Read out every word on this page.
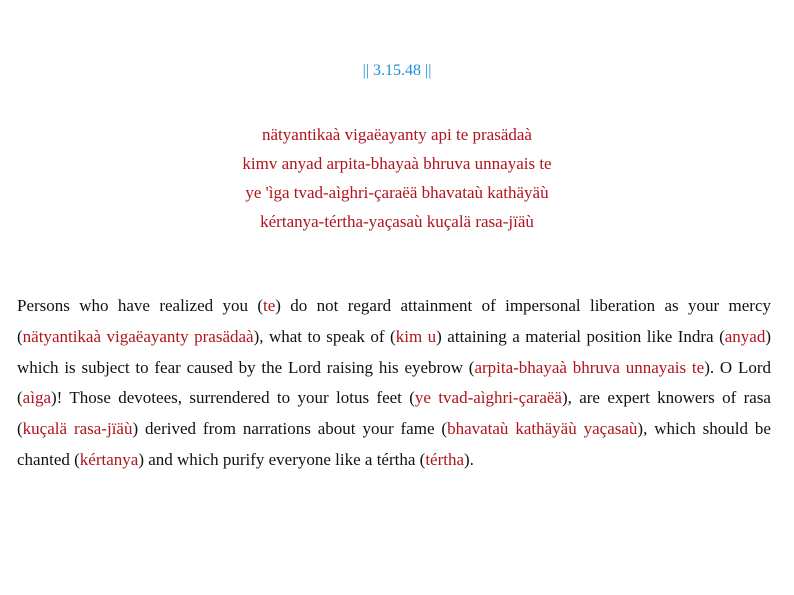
|| 3.15.48 ||
nätyantikaà vigaëayanty api te prasädaà
kimv anyad arpita-bhayaà bhruva unnayais te
ye 'ìga tvad-aìghri-çaraëä bhavataù kathäyäù
kértanya-tértha-yaçasaù kuçalä rasa-jïäù

Persons who have realized you (te) do not regard attainment of impersonal liberation as your mercy (nätyantikaà vigaëayanty prasädaà), what to speak of (kim u) attaining a material position like Indra (anyad) which is subject to fear caused by the Lord raising his eyebrow (arpita-bhayaà bhruva unnayais te). O Lord (aìga)! Those devotees, surrendered to your lotus feet (ye tvad-aìghri-çaraëä), are expert knowers of rasa (kuçalä rasa-jïäù) derived from narrations about your fame (bhavataù kathäyäù yaçasaù), which should be chanted (kértanya) and which purify everyone like a tértha (tértha).
